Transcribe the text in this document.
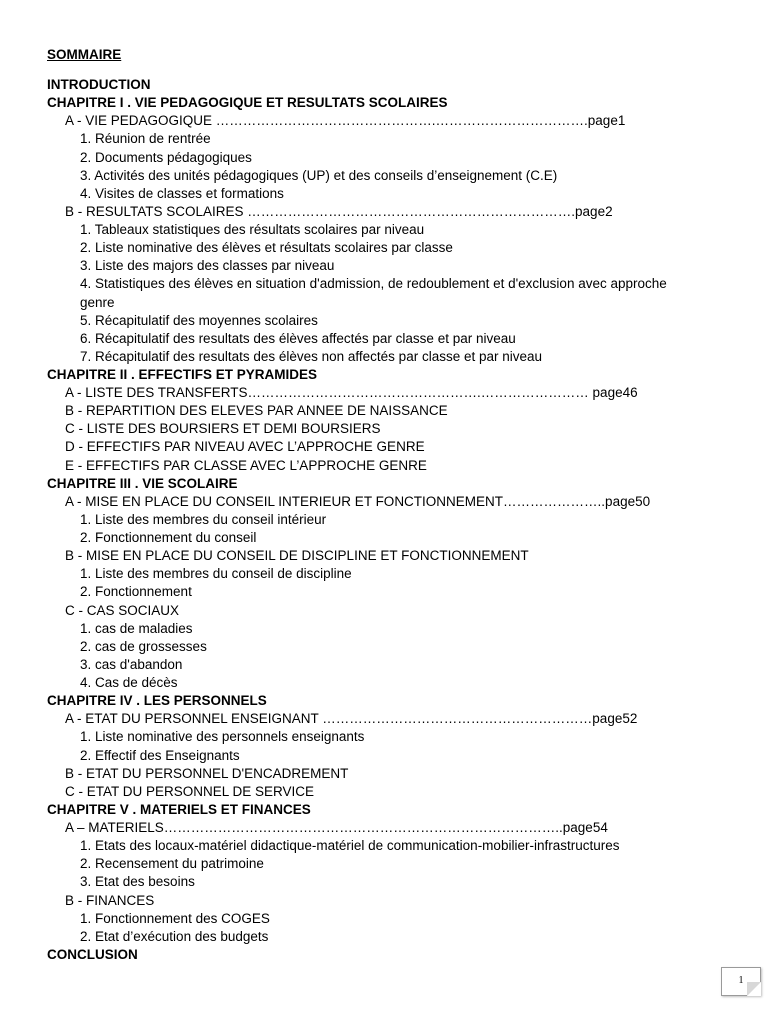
SOMMAIRE
INTRODUCTION
CHAPITRE I . VIE PEDAGOGIQUE ET RESULTATS SCOLAIRES
A - VIE PEDAGOGIQUE ………………………………………….…………………………….page1
1. Réunion de rentrée
2. Documents pédagogiques
3. Activités des unités pédagogiques (UP) et des conseils d’enseignement (C.E)
4. Visites de classes et formations
B - RESULTATS SCOLAIRES ……………………………………………………………….page2
1. Tableaux statistiques des résultats scolaires par niveau
2. Liste nominative des élèves et résultats scolaires par classe
3. Liste des majors des classes par niveau
4. Statistiques des élèves en situation d'admission, de redoublement et d'exclusion avec approche genre
5. Récapitulatif des moyennes scolaires
6. Récapitulatif des resultats des élèves affectés par classe et par niveau
7. Récapitulatif des resultats des élèves non affectés par classe et par niveau
CHAPITRE II . EFFECTIFS ET PYRAMIDES
A - LISTE DES TRANSFERTS…………………………………………….…………………… page46
B - REPARTITION DES ELEVES PAR ANNEE DE NAISSANCE
C - LISTE DES BOURSIERS ET DEMI BOURSIERS
D - EFFECTIFS PAR NIVEAU AVEC L’APPROCHE GENRE
E - EFFECTIFS PAR CLASSE AVEC L’APPROCHE GENRE
CHAPITRE III . VIE SCOLAIRE
A - MISE EN PLACE DU CONSEIL INTERIEUR ET FONCTIONNEMENT…………………..page50
1. Liste des membres du conseil intérieur
2. Fonctionnement du conseil
B - MISE EN PLACE DU CONSEIL DE DISCIPLINE ET FONCTIONNEMENT
1. Liste des membres du conseil de discipline
2. Fonctionnement
C - CAS SOCIAUX
1. cas de maladies
2. cas de grossesses
3. cas d'abandon
4. Cas de décès
CHAPITRE IV . LES PERSONNELS
A - ETAT DU PERSONNEL ENSEIGNANT ……………………………………………………page52
1. Liste nominative des personnels enseignants
2. Effectif des Enseignants
B - ETAT DU PERSONNEL D'ENCADREMENT
C - ETAT DU PERSONNEL DE SERVICE
CHAPITRE V . MATERIELS ET FINANCES
A – MATERIELS……………………………………………………………………………..page54
1. Etats des locaux-matériel didactique-matériel de communication-mobilier-infrastructures
2. Recensement du patrimoine
3. Etat des besoins
B - FINANCES
1. Fonctionnement des COGES
2. Etat d’exécution des budgets
CONCLUSION
1
